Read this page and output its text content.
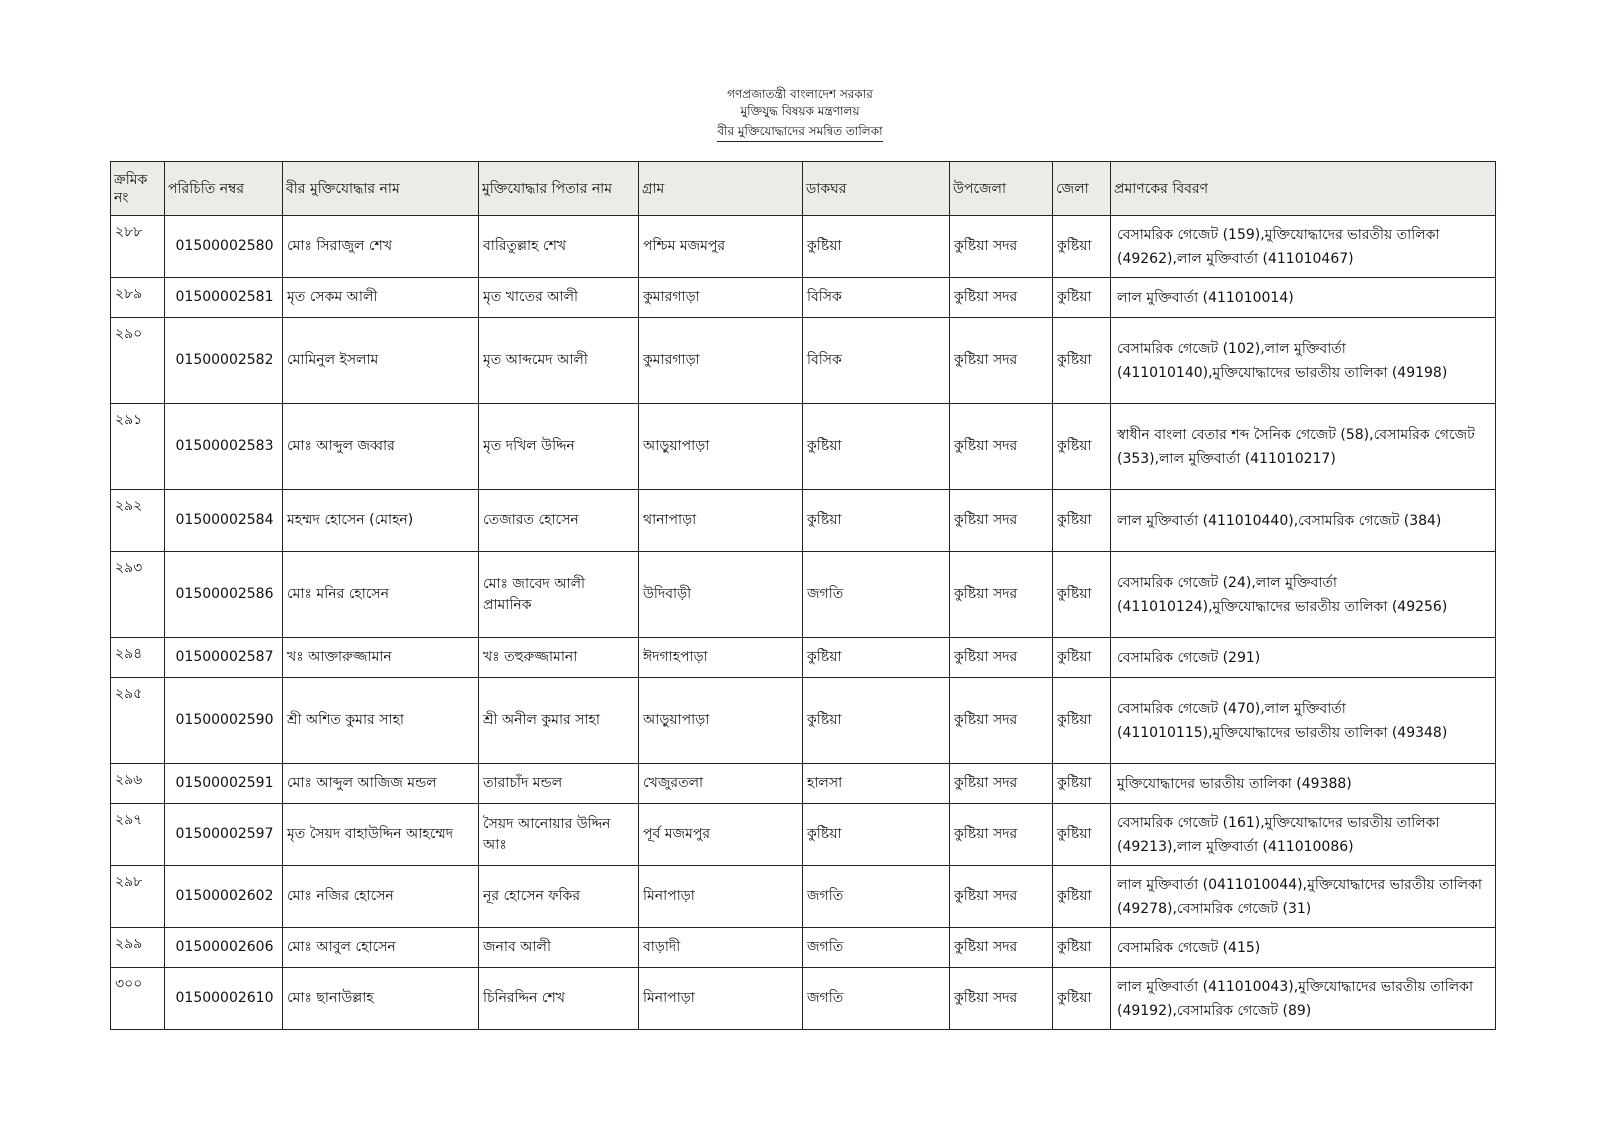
গণপ্রজাতন্ত্রী বাংলাদেশ সরকার
মুক্তিযুদ্ধ বিষয়ক মন্ত্রণালয়
বীর মুক্তিযোদ্ধাদের সমন্বিত তালিকা
ক্রমিক নং	পরিচিতি নম্বর	বীর মুক্তিযোদ্ধার নাম	মুক্তিযোদ্ধার পিতার নাম	গ্রাম	ডাকঘর	উপজেলা	জেলা	প্রমাণকের বিবরণ
২৮৮	01500002580	মোঃ সিরাজুল শেখ	বারিতুল্লাহ শেখ	পশ্চিম মজমপুর	কুষ্টিয়া	কুষ্টিয়া সদর	কুষ্টিয়া	বেসামরিক গেজেট (159),মুক্তিযোদ্ধাদের ভারতীয় তালিকা (49262),লাল মুক্তিবার্তা (411010467)
২৮৯	01500002581	মৃত সেকম আলী	মৃত খাতের আলী	কুমারগাড়া	বিসিক	কুষ্টিয়া সদর	কুষ্টিয়া	লাল মুক্তিবার্তা (411010014)
২৯০	01500002582	মোমিনুল ইসলাম	মৃত আব্দমেদ আলী	কুমারগাড়া	বিসিক	কুষ্টিয়া সদর	কুষ্টিয়া	বেসামরিক গেজেট (102),লাল মুক্তিবার্তা (411010140),মুক্তিযোদ্ধাদের ভারতীয় তালিকা (49198)
২৯১	01500002583	মোঃ আব্দুল জব্বার	মৃত দখিল উদ্দিন	আড়ুয়াপাড়া	কুষ্টিয়া	কুষ্টিয়া সদর	কুষ্টিয়া	স্বাধীন বাংলা বেতার শব্দ সৈনিক গেজেট (58),বেসামরিক গেজেট (353),লাল মুক্তিবার্তা (411010217)
২৯২	01500002584	মহম্মদ হোসেন (মোহন)	তেজারত হোসেন	থানাপাড়া	কুষ্টিয়া	কুষ্টিয়া সদর	কুষ্টিয়া	লাল মুক্তিবার্তা (411010440),বেসামরিক গেজেট (384)
২৯৩	01500002586	মোঃ মনির হোসেন	মোঃ জাবেদ আলী প্রামানিক	উদিবাড়ী	জগতি	কুষ্টিয়া সদর	কুষ্টিয়া	বেসামরিক গেজেট (24),লাল মুক্তিবার্তা (411010124),মুক্তিযোদ্ধাদের ভারতীয় তালিকা (49256)
২৯৪	01500002587	খঃ আক্তারুজ্জামান	খঃ তহুরুজ্জামানা	ঈদগাহপাড়া	কুষ্টিয়া	কুষ্টিয়া সদর	কুষ্টিয়া	বেসামরিক গেজেট (291)
২৯৫	01500002590	শ্রী অশিত কুমার সাহা	শ্রী অনীল কুমার সাহা	আড়ুয়াপাড়া	কুষ্টিয়া	কুষ্টিয়া সদর	কুষ্টিয়া	বেসামরিক গেজেট (470),লাল মুক্তিবার্তা (411010115),মুক্তিযোদ্ধাদের ভারতীয় তালিকা (49348)
২৯৬	01500002591	মোঃ আব্দুল আজিজ মন্ডল	তারাচাঁদ মন্ডল	খেজুরতলা	হালসা	কুষ্টিয়া সদর	কুষ্টিয়া	মুক্তিযোদ্ধাদের ভারতীয় তালিকা (49388)
২৯৭	01500002597	মৃত সৈয়দ বাহাউদ্দিন আহম্মেদ	সৈয়দ আনোয়ার উদ্দিন আঃ	পূর্ব মজমপুর	কুষ্টিয়া	কুষ্টিয়া সদর	কুষ্টিয়া	বেসামরিক গেজেট (161),মুক্তিযোদ্ধাদের ভারতীয় তালিকা (49213),লাল মুক্তিবার্তা (411010086)
২৯৮	01500002602	মোঃ নজির হোসেন	নূর হোসেন ফকির	মিনাপাড়া	জগতি	কুষ্টিয়া সদর	কুষ্টিয়া	লাল মুক্তিবার্তা (0411010044),মুক্তিযোদ্ধাদের ভারতীয় তালিকা (49278),বেসামরিক গেজেট (31)
২৯৯	01500002606	মোঃ আবুল হোসেন	জনাব আলী	বাড়াদী	জগতি	কুষ্টিয়া সদর	কুষ্টিয়া	বেসামরিক গেজেট (415)
৩০০	01500002610	মোঃ ছানাউল্লাহ	চিনিরদ্দিন শেখ	মিনাপাড়া	জগতি	কুষ্টিয়া সদর	কুষ্টিয়া	লাল মুক্তিবার্তা (411010043),মুক্তিযোদ্ধাদের ভারতীয় তালিকা (49192),বেসামরিক গেজেট (89)
